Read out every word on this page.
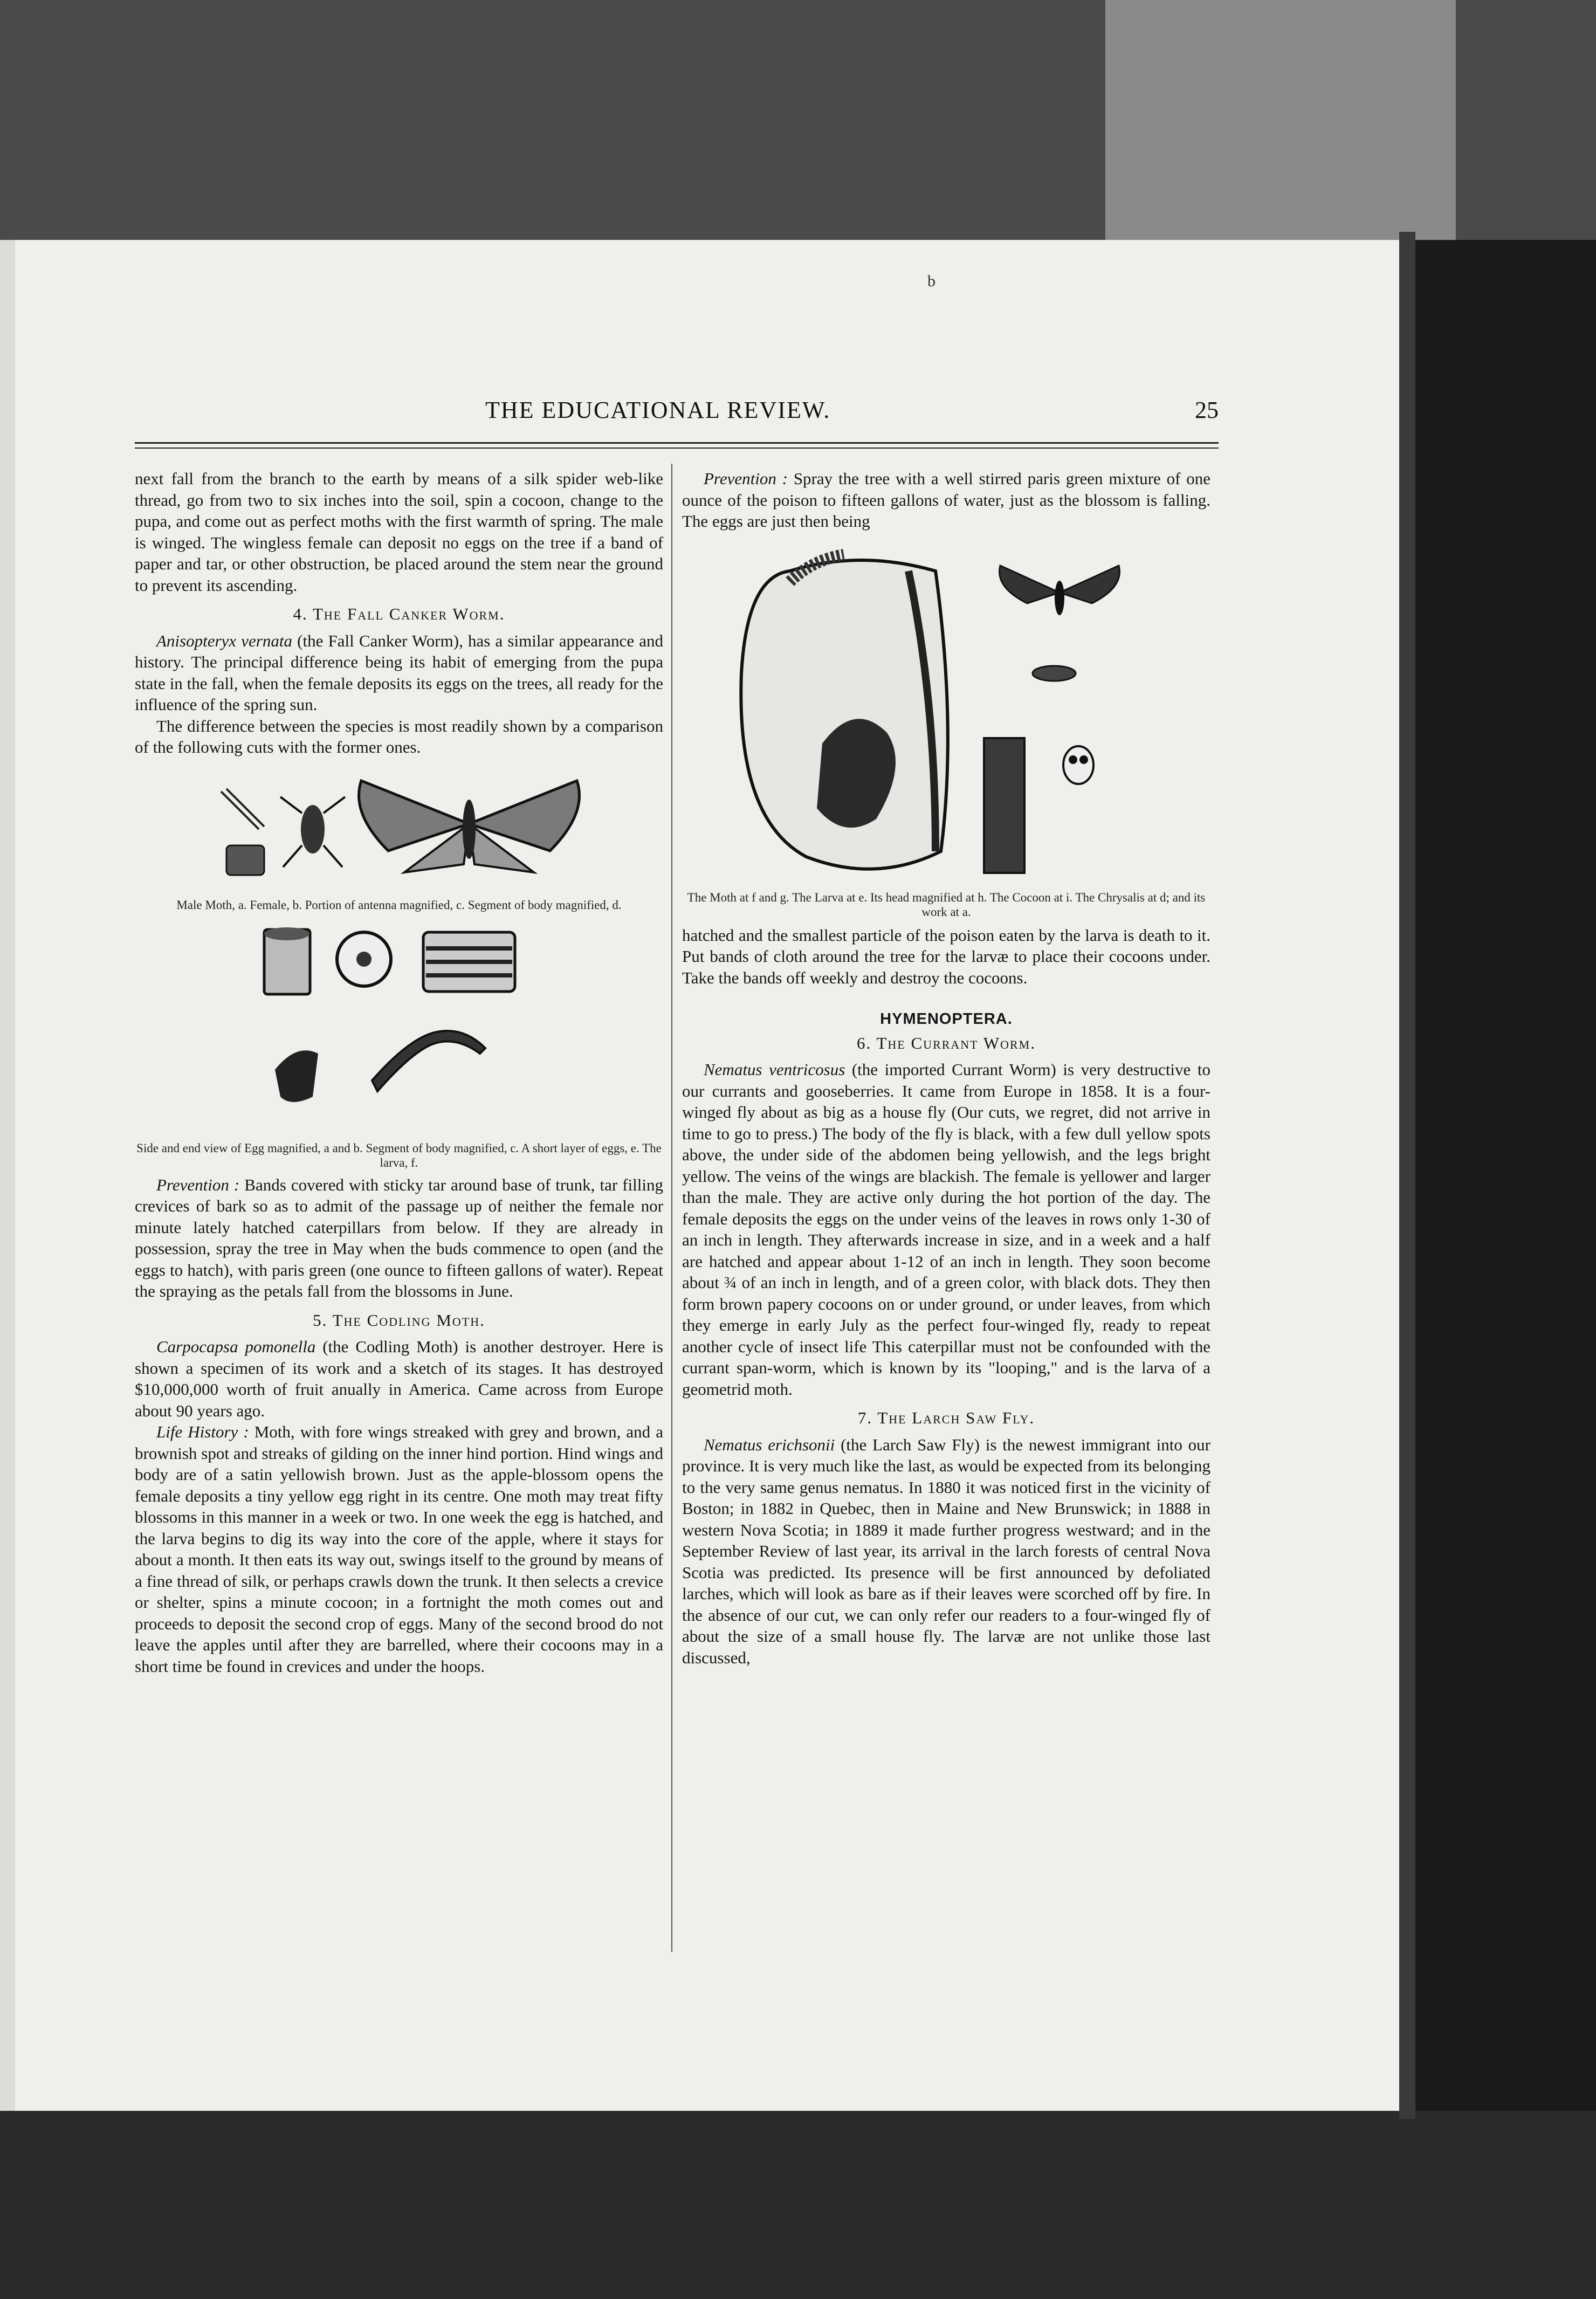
b
THE EDUCATIONAL REVIEW.	25

next fall from the branch to the earth by means of a silk spider web-like thread, go from two to six inches into the soil, spin a cocoon, change to the pupa, and come out as perfect moths with the first warmth of spring. The male is winged. The wingless female can deposit no eggs on the tree if a band of paper and tar, or other obstruction, be placed around the stem near the ground to prevent its ascending.

4. The Fall Canker Worm.

Anisopteryx vernata (the Fall Canker Worm), has a similar appearance and history. The principal difference being its habit of emerging from the pupa state in the fall, when the female deposits its eggs on the trees, all ready for the influence of the spring sun.

The difference between the species is most readily shown by a comparison of the following cuts with the former ones.

Male Moth, a. Female, b. Portion of antenna magnified, c. Segment of body magnified, d.

Side and end view of Egg magnified, a and b. Segment of body magnified, c. A short layer of eggs, e. The larva, f.

Prevention : Bands covered with sticky tar around base of trunk, tar filling crevices of bark so as to admit of the passage up of neither the female nor minute lately hatched caterpillars from below. If they are already in possession, spray the tree in May when the buds commence to open (and the eggs to hatch), with paris green (one ounce to fifteen gallons of water). Repeat the spraying as the petals fall from the blossoms in June.

5. The Codling Moth.

Carpocapsa pomonella (the Codling Moth) is another destroyer. Here is shown a specimen of its work and a sketch of its stages. It has destroyed $10,000,000 worth of fruit anually in America. Came across from Europe about 90 years ago.

Life History : Moth, with fore wings streaked with grey and brown, and a brownish spot and streaks of gilding on the inner hind portion. Hind wings and body are of a satin yellowish brown. Just as the apple-blossom opens the female deposits a tiny yellow egg right in its centre. One moth may treat fifty blossoms in this manner in a week or two. In one week the egg is hatched, and the larva begins to dig its way into the core of the apple, where it stays for about a month. It then eats its way out, swings itself to the ground by means of a fine thread of silk, or perhaps crawls down the trunk. It then selects a crevice or shelter, spins a minute cocoon; in a fortnight the moth comes out and proceeds to deposit the second crop of eggs. Many of the second brood do not leave the apples until after they are barrelled, where their cocoons may in a short time be found in crevices and under the hoops.

Prevention : Spray the tree with a well stirred paris green mixture of one ounce of the poison to fifteen gallons of water, just as the blossom is falling. The eggs are just then being

The Moth at f and g. The Larva at e. Its head magnified at h. The Cocoon at i. The Chrysalis at d; and its work at a.

hatched and the smallest particle of the poison eaten by the larva is death to it. Put bands of cloth around the tree for the larvæ to place their cocoons under. Take the bands off weekly and destroy the cocoons.

HYMENOPTERA.

6. The Currant Worm.

Nematus ventricosus (the imported Currant Worm) is very destructive to our currants and gooseberries. It came from Europe in 1858. It is a four-winged fly about as big as a house fly (Our cuts, we regret, did not arrive in time to go to press.) The body of the fly is black, with a few dull yellow spots above, the under side of the abdomen being yellowish, and the legs bright yellow. The veins of the wings are blackish. The female is yellower and larger than the male. They are active only during the hot portion of the day. The female deposits the eggs on the under veins of the leaves in rows only 1-30 of an inch in length. They afterwards increase in size, and in a week and a half are hatched and appear about 1-12 of an inch in length. They soon become about ¾ of an inch in length, and of a green color, with black dots. They then form brown papery cocoons on or under ground, or under leaves, from which they emerge in early July as the perfect four-winged fly, ready to repeat another cycle of insect life This caterpillar must not be confounded with the currant span-worm, which is known by its "looping," and is the larva of a geometrid moth.

7. The Larch Saw Fly.

Nematus erichsonii (the Larch Saw Fly) is the newest immigrant into our province. It is very much like the last, as would be expected from its belonging to the very same genus nematus. In 1880 it was noticed first in the vicinity of Boston; in 1882 in Quebec, then in Maine and New Brunswick; in 1888 in western Nova Scotia; in 1889 it made further progress westward; and in the September Review of last year, its arrival in the larch forests of central Nova Scotia was predicted. Its presence will be first announced by defoliated larches, which will look as bare as if their leaves were scorched off by fire. In the absence of our cut, we can only refer our readers to a four-winged fly of about the size of a small house fly. The larvæ are not unlike those last discussed,
